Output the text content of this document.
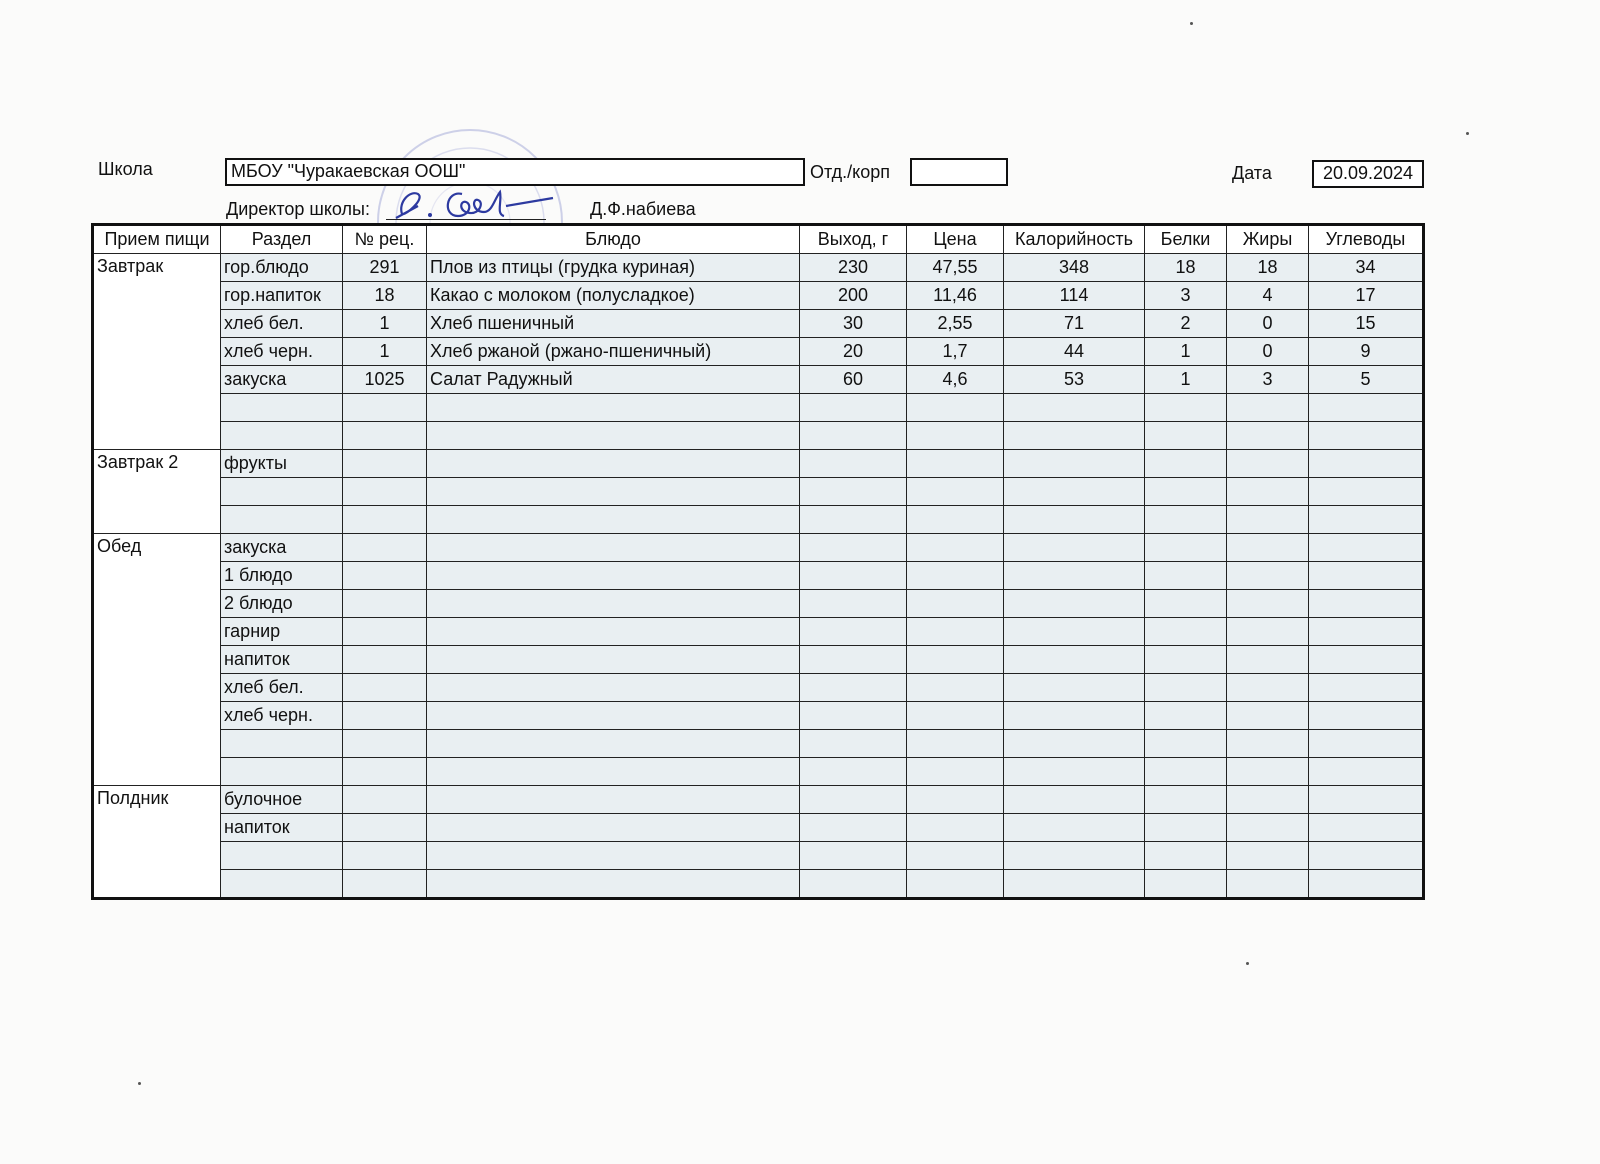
Школа	МБОУ "Чуракаевская ООШ"	Отд./корп	Дата	20.09.2024
Директор школы:	Д.Ф.набиева
Прием пищи	Раздел	№ рец.	Блюдо	Выход, г	Цена	Калорийность	Белки	Жиры	Углеводы
Завтрак	гор.блюдо	291	Плов из птицы (грудка куриная)	230	47,55	348	18	18	34
	гор.напиток	18	Какао с молоком (полусладкое)	200	11,46	114	3	4	17
	хлеб бел.	1	Хлеб пшеничный	30	2,55	71	2	0	15
	хлеб черн.	1	Хлеб ржаной (ржано-пшеничный)	20	1,7	44	1	0	9
	закуска	1025	Салат Радужный	60	4,6	53	1	3	5

Завтрак 2	фрукты								

Обед	закуска								
	1 блюдо								
	2 блюдо								
	гарнир								
	напиток								
	хлеб бел.								
	хлеб черн.								

Полдник	булочное								
	напиток								
